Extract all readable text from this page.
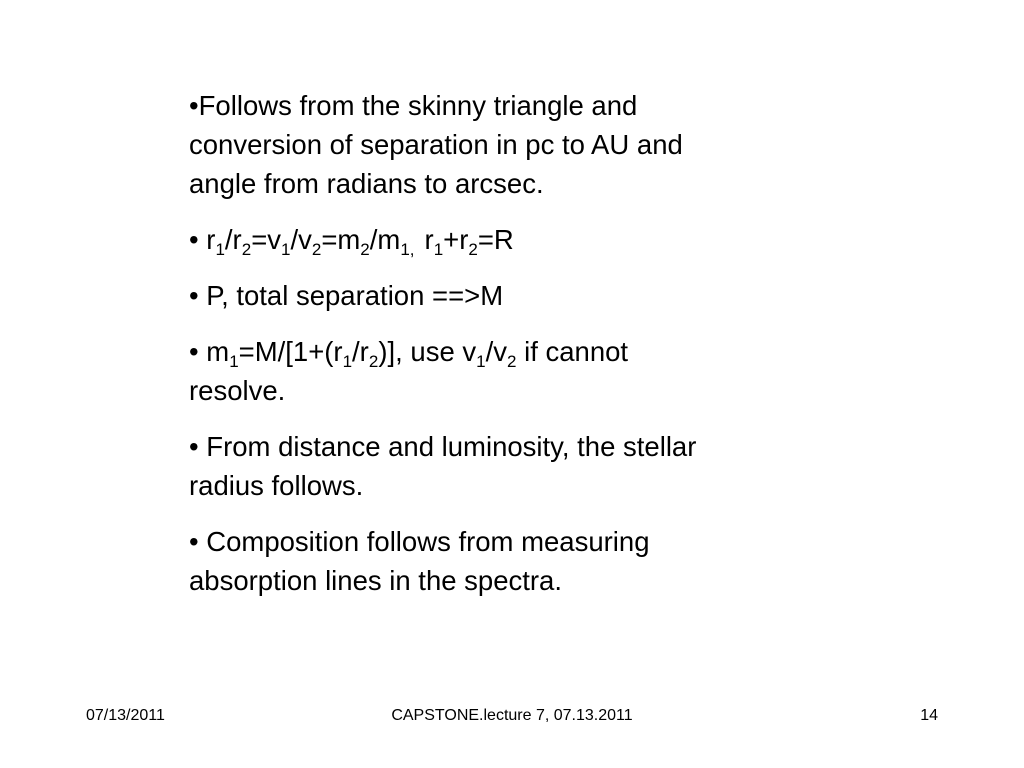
•Follows from the skinny triangle and
conversion of separation in pc to AU and
angle from radians to arcsec.

• $r_1/r_2=v_1/v_2=m_2/m_{1,}$ $r_1+r_2=R$

• P, total separation ==>M

• $m_1=M/[1+(r_1/r_2)]$, use $v_1/v_2$ if cannot
resolve.

• From distance and luminosity, the stellar
radius follows.

• Composition follows from measuring
absorption lines in the spectra.

07/13/2011	CAPSTONE.lecture 7, 07.13.2011	14
